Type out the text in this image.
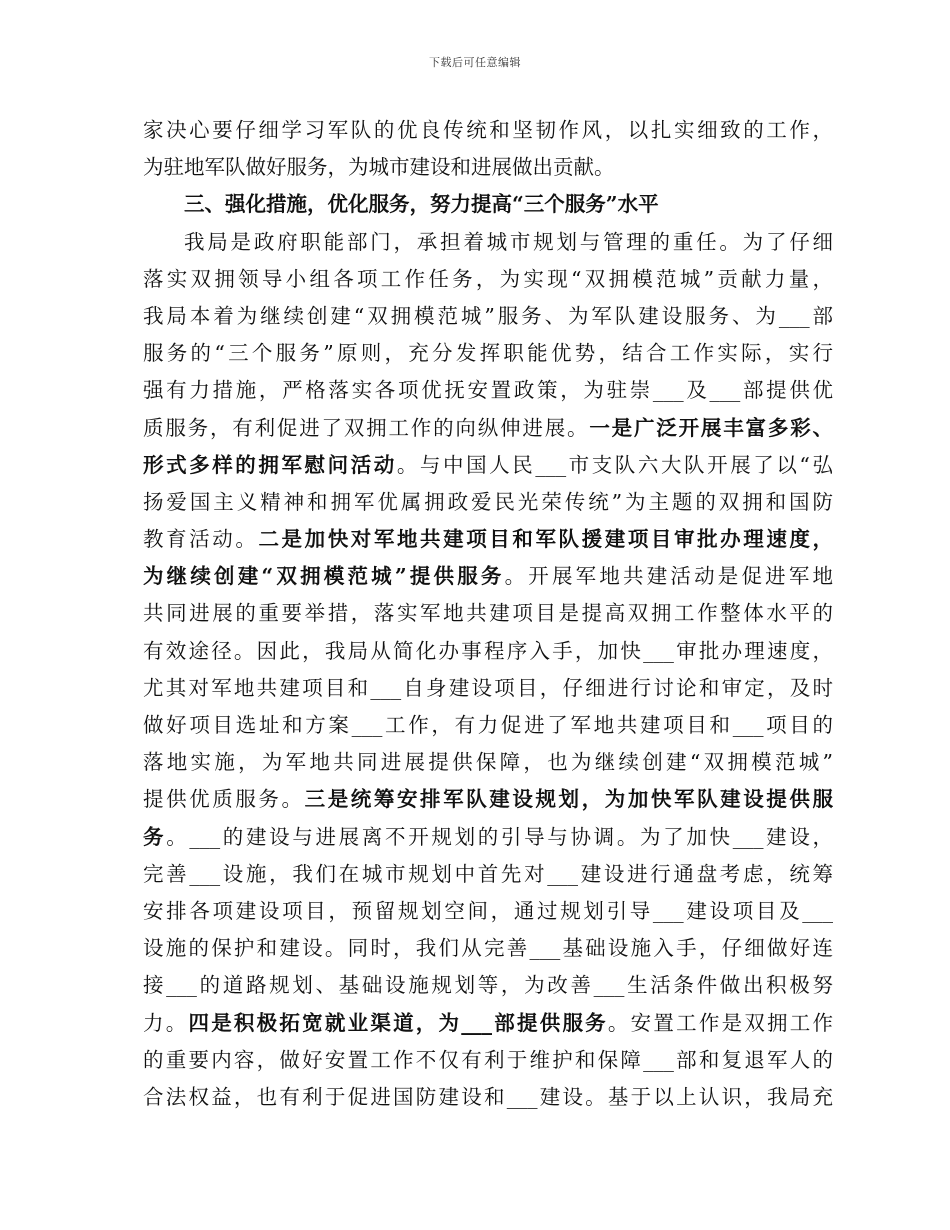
下载后可任意编辑
家决心要仔细学习军队的优良传统和坚韧作风，以扎实细致的工作，
为驻地军队做好服务，为城市建设和进展做出贡献。
三、强化措施，优化服务，努力提高“三个服务”水平
我局是政府职能部门，承担着城市规划与管理的重任。为了仔细
落实双拥领导小组各项工作任务，为实现“双拥模范城”贡献力量，
我局本着为继续创建“双拥模范城”服务、为军队建设服务、为___部
服务的“三个服务”原则，充分发挥职能优势，结合工作实际，实行
强有力措施，严格落实各项优抚安置政策，为驻崇___及___部提供优
质服务，有利促进了双拥工作的向纵伸进展。一是广泛开展丰富多彩、
形式多样的拥军慰问活动。与中国人民___市支队六大队开展了以“弘
扬爱国主义精神和拥军优属拥政爱民光荣传统”为主题的双拥和国防
教育活动。二是加快对军地共建项目和军队援建项目审批办理速度，
为继续创建“双拥模范城”提供服务。开展军地共建活动是促进军地
共同进展的重要举措，落实军地共建项目是提高双拥工作整体水平的
有效途径。因此，我局从简化办事程序入手，加快___审批办理速度，
尤其对军地共建项目和___自身建设项目，仔细进行讨论和审定，及时
做好项目选址和方案___工作，有力促进了军地共建项目和___项目的
落地实施，为军地共同进展提供保障，也为继续创建“双拥模范城”
提供优质服务。三是统筹安排军队建设规划，为加快军队建设提供服
务。___的建设与进展离不开规划的引导与协调。为了加快___建设，
完善___设施，我们在城市规划中首先对___建设进行通盘考虑，统筹
安排各项建设项目，预留规划空间，通过规划引导___建设项目及___
设施的保护和建设。同时，我们从完善___基础设施入手，仔细做好连
接___的道路规划、基础设施规划等，为改善___生活条件做出积极努
力。四是积极拓宽就业渠道，为___部提供服务。安置工作是双拥工作
的重要内容，做好安置工作不仅有利于维护和保障___部和复退军人的
合法权益，也有利于促进国防建设和___建设。基于以上认识，我局充
